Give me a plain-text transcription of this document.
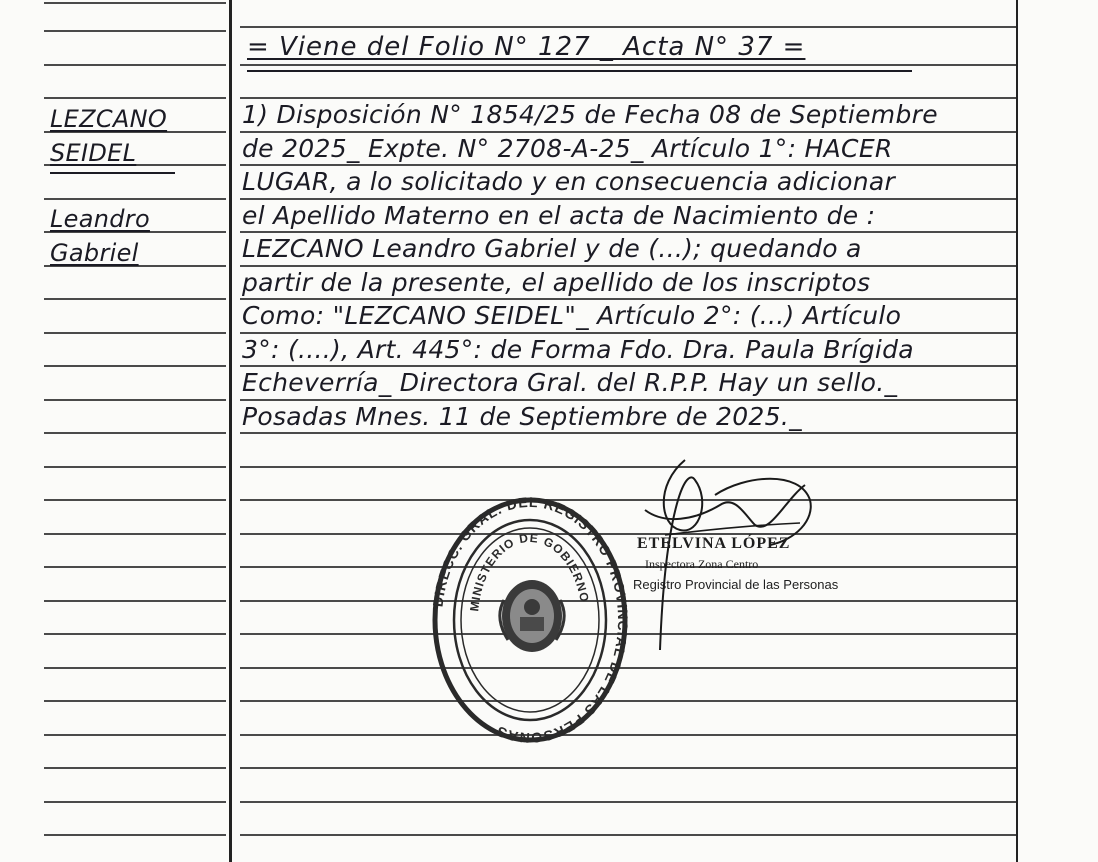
= Viene del Folio N° 127 _ Acta N° 37 =
LEZCANO
SEIDEL
Leandro
Gabriel
1) Disposición N° 1854/25 de Fecha 08 de Septiembre
de 2025_ Expte. N° 2708-A-25_ Artículo 1°: HACER
LUGAR, a lo solicitado y en consecuencia adicionar
el Apellido Materno en el acta de Nacimiento de :
LEZCANO Leandro Gabriel y de (...); quedando a
partir de la presente, el apellido de los inscriptos
Como: "LEZCANO SEIDEL"_ Artículo 2°: (...) Artículo
3°: (....), Art. 445°: de Forma Fdo. Dra. Paula Brígida
Echeverría_ Directora Gral. del R.P.P. Hay un sello._
Posadas Mnes. 11 de Septiembre de 2025._
DIRECC. GRAL. DEL REGISTRO PROVINCIAL DE LAS PERSONAS
MINISTERIO DE GOBIERNO
ETELVINA LÓPEZ
Inspectora Zona Centro
Registro Provincial de las Personas
